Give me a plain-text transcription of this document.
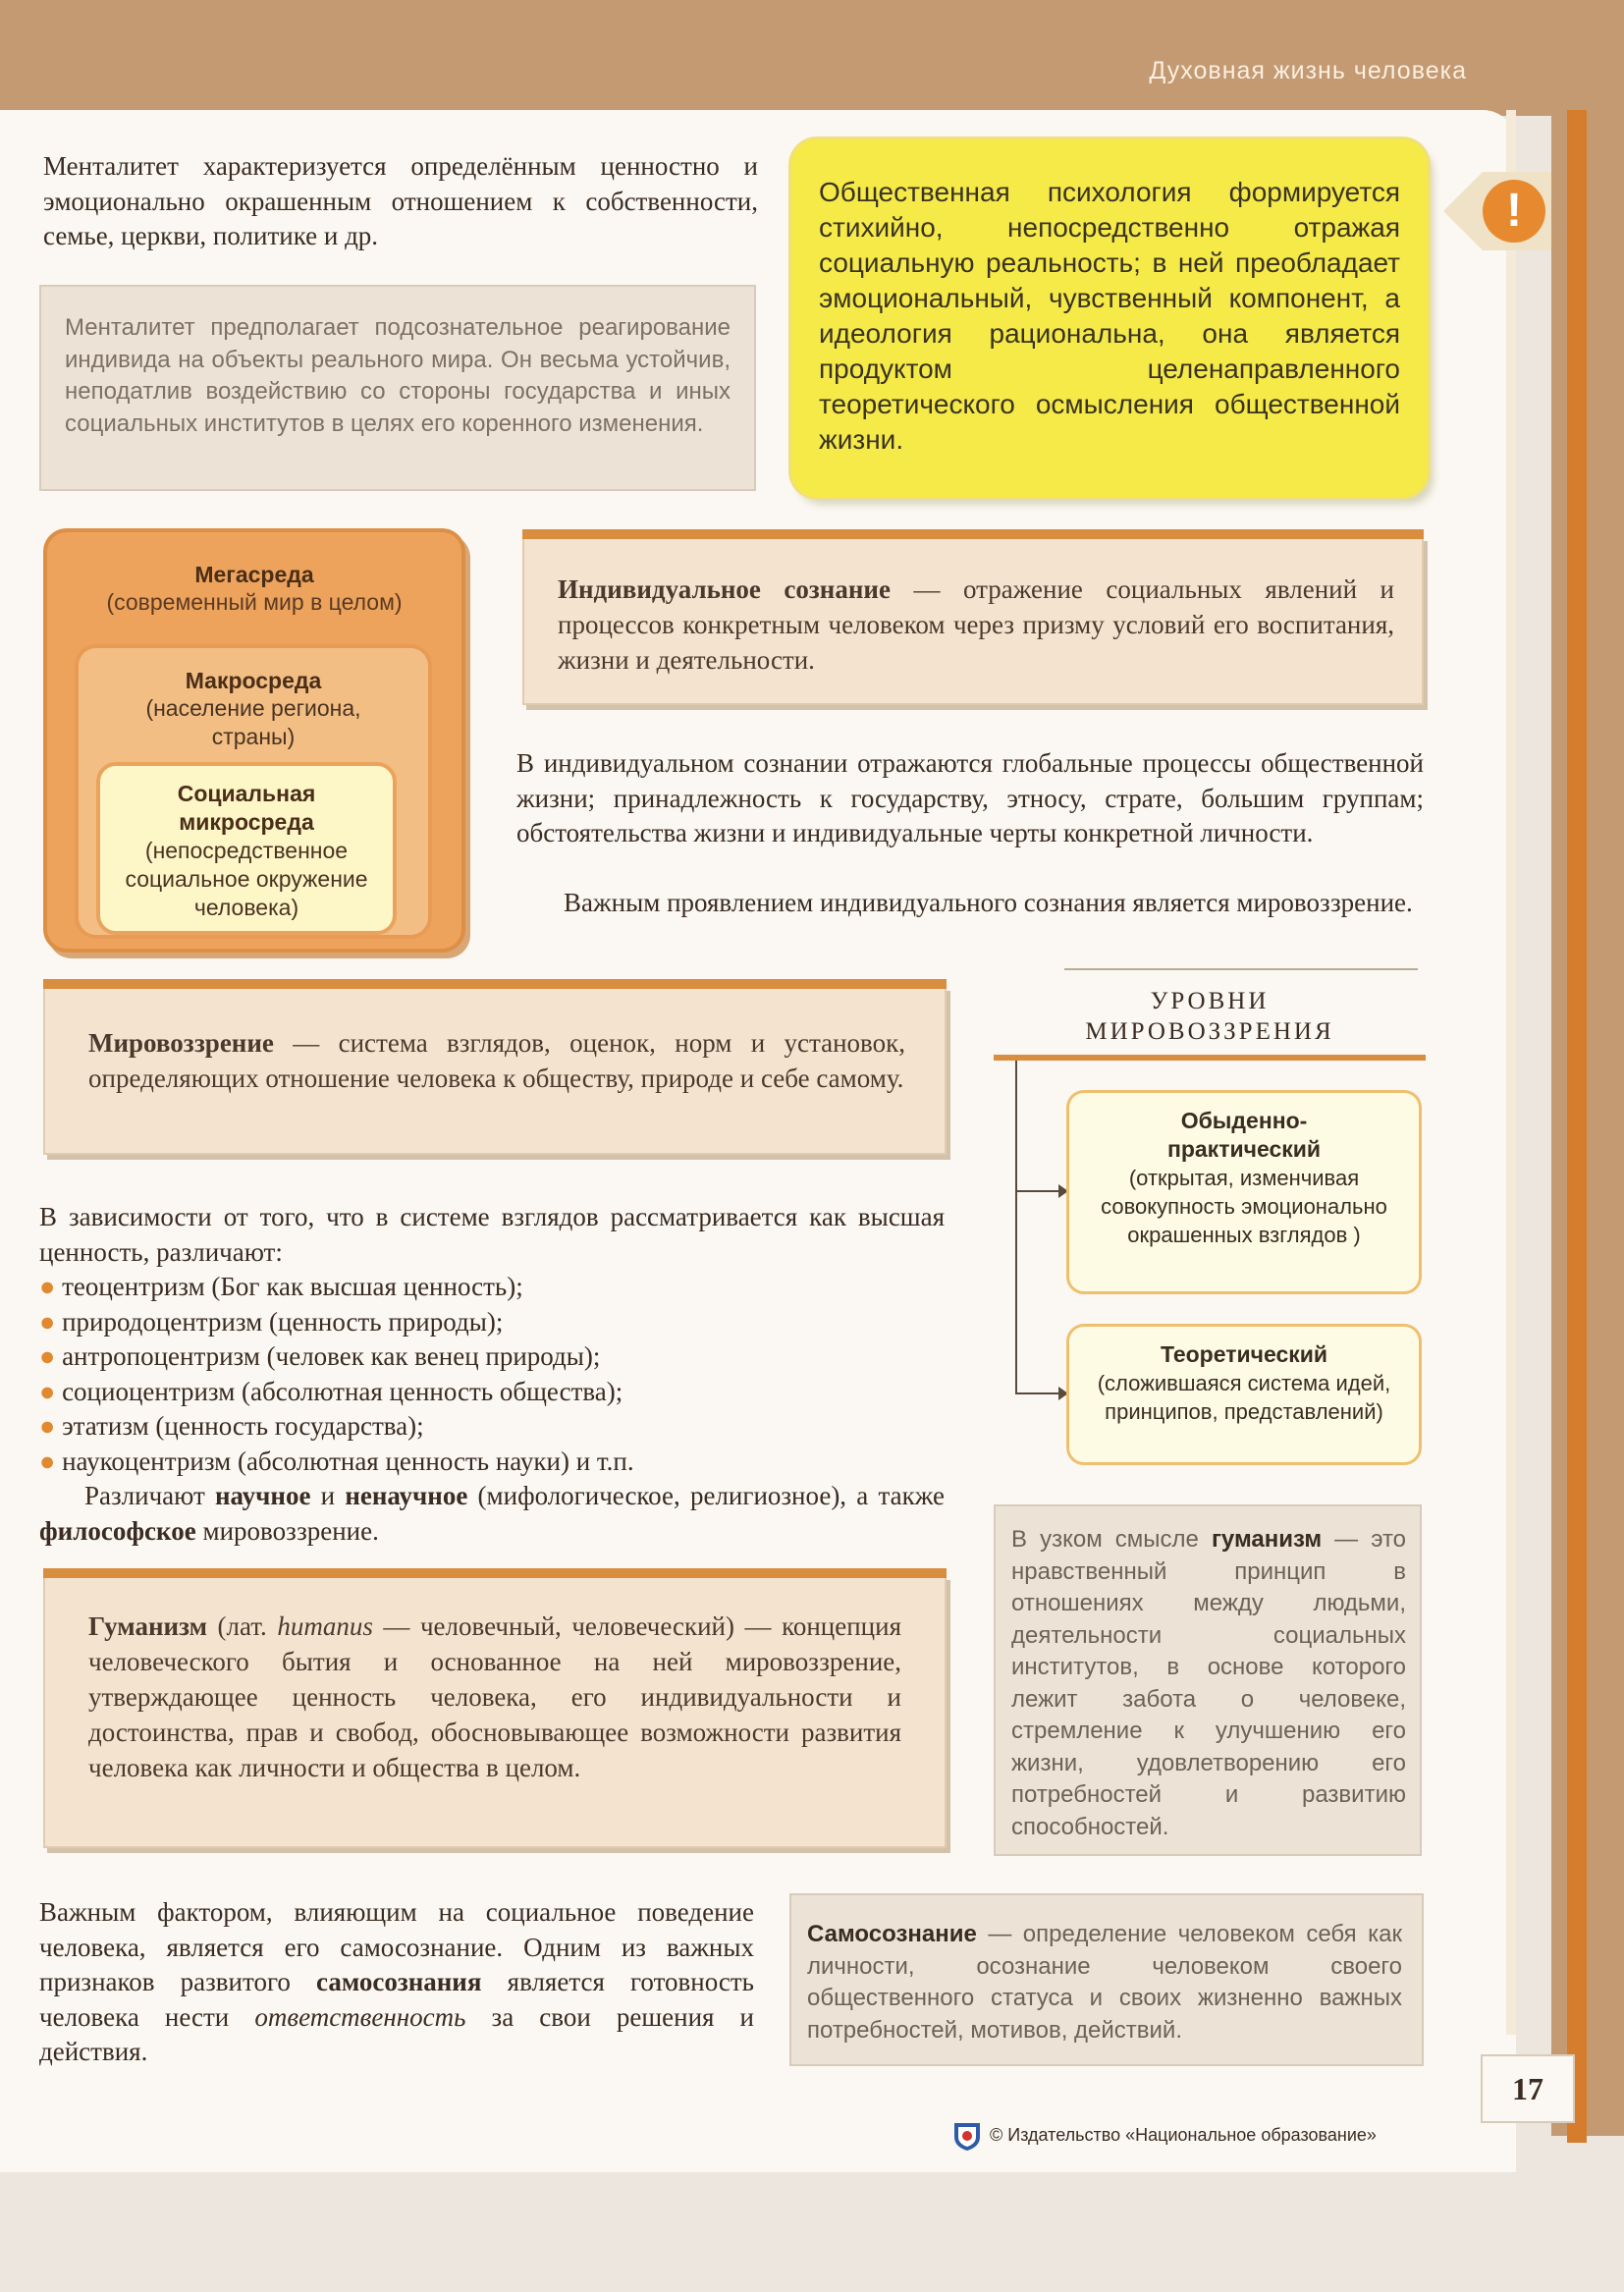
Духовная жизнь человека
Менталитет характеризуется определённым ценностно и эмоционально окрашенным отношением к собственности, семье, церкви, политике и др.
Менталитет предполагает подсознательное реагирование индивида на объекты реального мира. Он весьма устойчив, неподатлив воздействию со стороны государства и иных социальных институтов в целях его коренного изменения.
Общественная психология формируется стихийно, непосредственно отражая социальную реальность; в ней преобладает эмоциональный, чувственный компонент, а идеология рациональна, она является продуктом целенаправленного теоретического осмысления общественной жизни.
!
Мегасреда
(современный мир в целом)
Макросреда
(население региона, страны)
Социальная микросреда
(непосредственное социальное окружение человека)
Индивидуальное сознание — отражение социальных явлений и процессов конкретным человеком через призму условий его воспитания, жизни и деятельности.
В индивидуальном сознании отражаются глобальные процессы общественной жизни; принадлежность к государству, этносу, страте, большим группам; обстоятельства жизни и индивидуальные черты конкретной личности.
Важным проявлением индивидуального сознания является мировоззрение.
Мировоззрение — система взглядов, оценок, норм и установок, определяющих отношение человека к обществу, природе и себе самому.
УРОВНИ
МИРОВОЗЗРЕНИЯ
Обыденно-практический
(открытая, изменчивая совокупность эмоционально окрашенных взглядов )
Теоретический
(сложившаяся система идей, принципов, представлений)
В зависимости от того, что в системе взглядов рассматривается как высшая ценность, различают:
● теоцентризм (Бог как высшая ценность);
● природоцентризм (ценность природы);
● антропоцентризм (человек как венец природы);
● социоцентризм (абсолютная ценность общества);
● этатизм (ценность государства);
● наукоцентризм (абсолютная ценность науки) и т.п.
Различают научное и ненаучное (мифологическое, религиозное), а также философское мировоззрение.
Гуманизм (лат. humanus — человечный, человеческий) — концепция человеческого бытия и основанное на ней мировоззрение, утверждающее ценность человека, его индивидуальности и достоинства, прав и свобод, обосновывающее возможности развития человека как личности и общества в целом.
В узком смысле гуманизм — это нравственный принцип в отношениях между людьми, деятельности социальных институтов, в основе которого лежит забота о человеке, стремление к улучшению его жизни, удовлетворению его потребностей и развитию способностей.
Важным фактором, влияющим на социальное поведение человека, является его самосознание. Одним из важных признаков развитого самосознания является готовность человека нести ответственность за свои решения и действия.
Самосознание — определение человеком себя как личности, осознание человеком своего общественного статуса и своих жизненно важных потребностей, мотивов, действий.
17
© Издательство «Национальное образование»
